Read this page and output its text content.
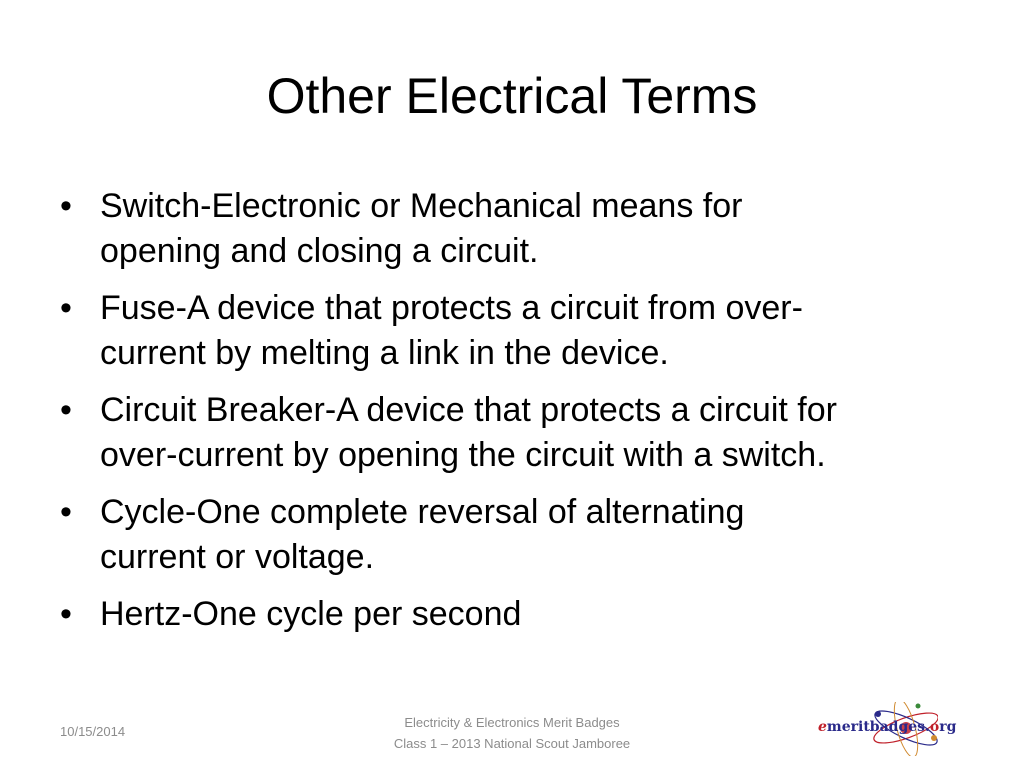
Other Electrical Terms
• Switch-Electronic or Mechanical means for
opening and closing a circuit.
• Fuse-A device that protects a circuit from over-
current by melting a link in the device.
• Circuit Breaker-A device that protects a circuit for
over-current by opening the circuit with a switch.
• Cycle-One complete reversal of alternating
current or voltage.
• Hertz-One cycle per second
10/15/2014
Electricity & Electronics Merit Badges
Class 1 – 2013 National Scout Jamboree
emeritbadges.org
